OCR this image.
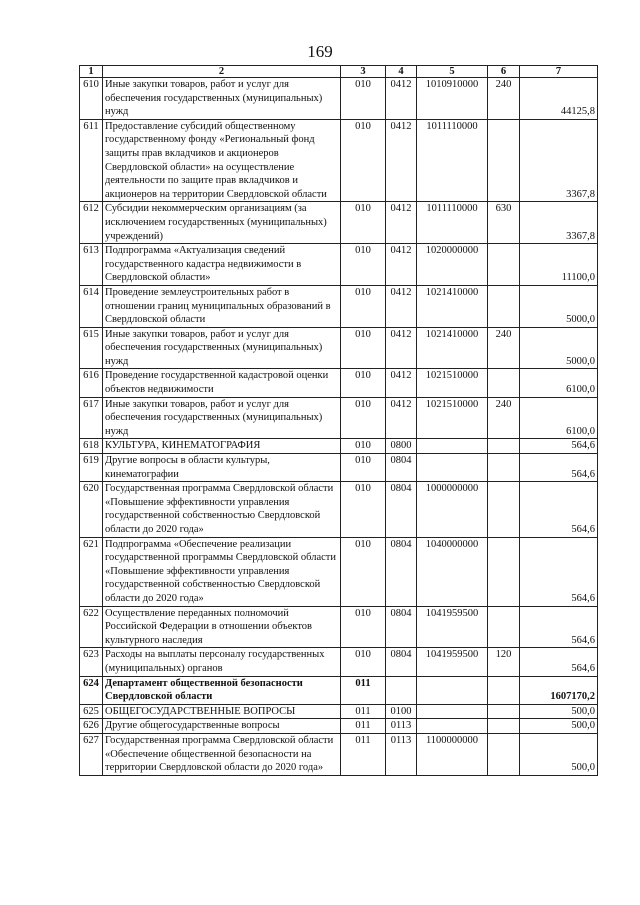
169
1	2	3	4	5	6	7
610	Иные закупки товаров, работ и услуг для обеспечения государственных (муниципальных) нужд	010	0412	1010910000	240	44125,8
611	Предоставление субсидий общественному государственному фонду «Региональный фонд защиты прав вкладчиков и акционеров Свердловской области» на осуществление деятельности по защите прав вкладчиков и акционеров на территории Свердловской области	010	0412	1011110000		3367,8
612	Субсидии некоммерческим организациям (за исключением государственных (муниципальных) учреждений)	010	0412	1011110000	630	3367,8
613	Подпрограмма «Актуализация сведений государственного кадастра недвижимости в Свердловской области»	010	0412	1020000000		11100,0
614	Проведение землеустроительных работ в отношении границ муниципальных образований в Свердловской области	010	0412	1021410000		5000,0
615	Иные закупки товаров, работ и услуг для обеспечения государственных (муниципальных) нужд	010	0412	1021410000	240	5000,0
616	Проведение государственной кадастровой оценки объектов недвижимости	010	0412	1021510000		6100,0
617	Иные закупки товаров, работ и услуг для обеспечения государственных (муниципальных) нужд	010	0412	1021510000	240	6100,0
618	КУЛЬТУРА, КИНЕМАТОГРАФИЯ	010	0800			564,6
619	Другие вопросы в области культуры, кинематографии	010	0804			564,6
620	Государственная программа Свердловской области «Повышение эффективности управления государственной собственностью Свердловской области до 2020 года»	010	0804	1000000000		564,6
621	Подпрограмма «Обеспечение реализации государственной программы Свердловской области «Повышение эффективности управления государственной собственностью Свердловской области до 2020 года»	010	0804	1040000000		564,6
622	Осуществление переданных полномочий Российской Федерации в отношении объектов культурного наследия	010	0804	1041959500		564,6
623	Расходы на выплаты персоналу государственных (муниципальных) органов	010	0804	1041959500	120	564,6
624	Департамент общественной безопасности Свердловской области	011				1607170,2
625	ОБЩЕГОСУДАРСТВЕННЫЕ ВОПРОСЫ	011	0100			500,0
626	Другие общегосударственные вопросы	011	0113			500,0
627	Государственная программа Свердловской области «Обеспечение общественной безопасности на территории Свердловской области до 2020 года»	011	0113	1100000000		500,0
